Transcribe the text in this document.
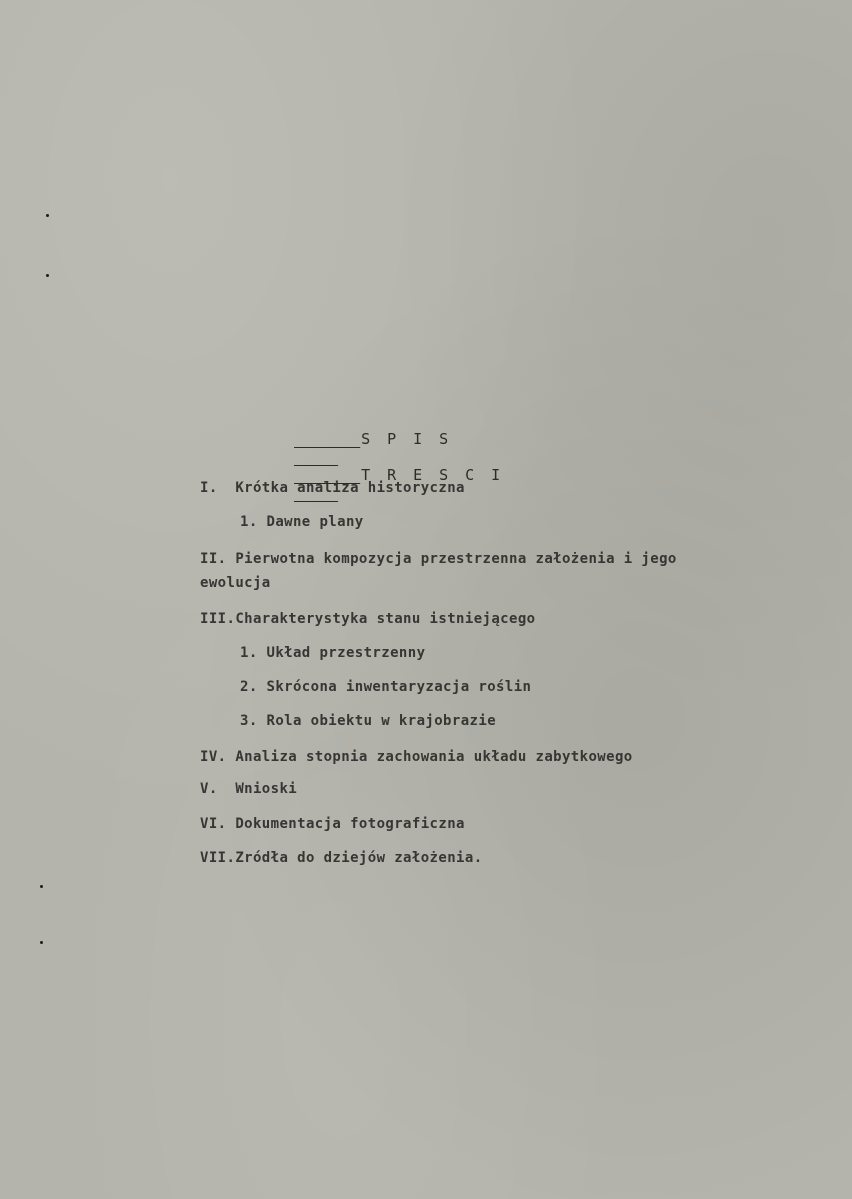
S P I S

T R E S C I

I.  Krótka analiza historyczna
1. Dawne plany
II. Pierwotna kompozycja przestrzenna założenia i jego
ewolucja
III.Charakterystyka stanu istniejącego
1. Układ przestrzenny
2. Skrócona inwentaryzacja roślin
3. Rola obiektu w krajobrazie
IV. Analiza stopnia zachowania układu zabytkowego
V.  Wnioski
VI. Dokumentacja fotograficzna
VII.Zródła do dziejów założenia.
